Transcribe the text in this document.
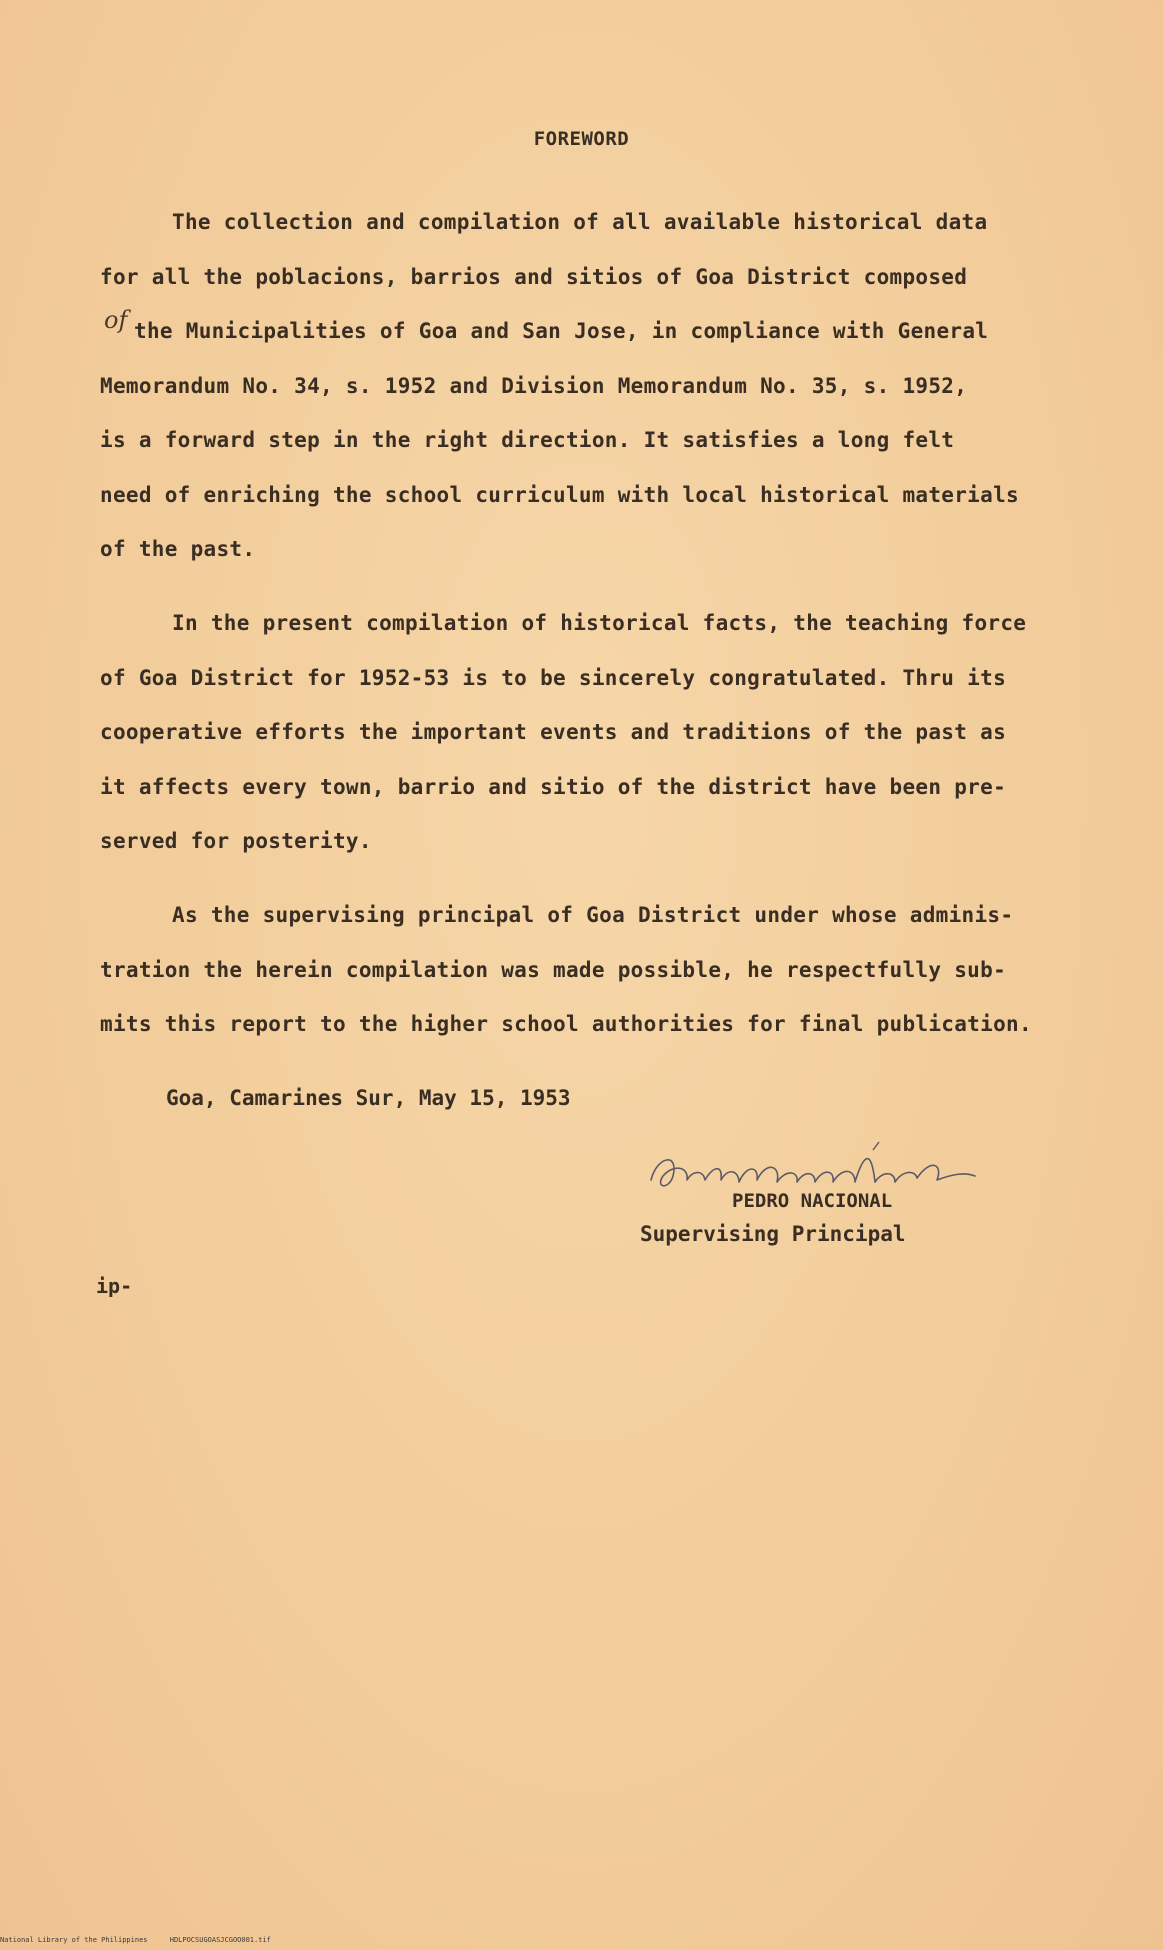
FOREWORD
of
The collection and compilation of all available historical data
for all the poblacions, barrios and sitios of Goa District composed
the Municipalities of Goa and San Jose, in compliance with General
Memorandum No. 34, s. 1952 and Division Memorandum No. 35, s. 1952,
is a forward step in the right direction. It satisfies a long felt
need of enriching the school curriculum with local historical materials
of the past.
In the present compilation of historical facts, the teaching force
of Goa District for 1952-53 is to be sincerely congratulated. Thru its
cooperative efforts the important events and traditions of the past as
it affects every town, barrio and sitio of the district have been pre-
served for posterity.
As the supervising principal of Goa District under whose adminis-
tration the herein compilation was made possible, he respectfully sub-
mits this report to the higher school authorities for final publication.
Goa, Camarines Sur, May 15, 1953
PEDRO NACIONAL
Supervising Principal
ip-
National Library of the Philippines	HDLPOCSUGOASJCGOO001.tif
